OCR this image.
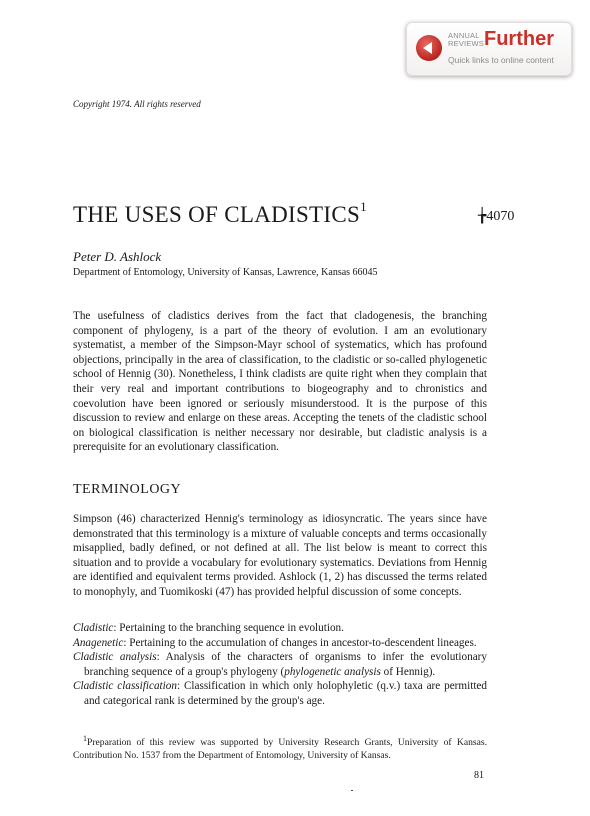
ANNUAL
REVIEWS Further
Quick links to online content
Copyright 1974. All rights reserved
THE USES OF CLADISTICS$^1$
╆4070
Peter D. Ashlock
Department of Entomology, University of Kansas, Lawrence, Kansas 66045

The usefulness of cladistics derives from the fact that cladogenesis, the branching component of phylogeny, is a part of the theory of evolution. I am an evolutionary systematist, a member of the Simpson-Mayr school of systematics, which has profound objections, principally in the area of classification, to the cladistic or so-called phylogenetic school of Hennig (30). Nonetheless, I think cladists are quite right when they complain that their very real and important contributions to biogeography and to chronistics and coevolution have been ignored or seriously misunderstood. It is the purpose of this discussion to review and enlarge on these areas. Accepting the tenets of the cladistic school on biological classification is neither necessary nor desirable, but cladistic analysis is a prerequisite for an evolutionary classification.

TERMINOLOGY

Simpson (46) characterized Hennig's terminology as idiosyncratic. The years since have demonstrated that this terminology is a mixture of valuable concepts and terms occasionally misapplied, badly defined, or not defined at all. The list below is meant to correct this situation and to provide a vocabulary for evolutionary systematics. Deviations from Hennig are identified and equivalent terms provided. Ashlock (1, 2) has discussed the terms related to monophyly, and Tuomikoski (47) has provided helpful discussion of some concepts.

Cladistic: Pertaining to the branching sequence in evolution.
Anagenetic: Pertaining to the accumulation of changes in ancestor-to-descendent lineages.
Cladistic analysis: Analysis of the characters of organisms to infer the evolutionary branching sequence of a group's phylogeny (phylogenetic analysis of Hennig).
Cladistic classification: Classification in which only holophyletic (q.v.) taxa are permitted and categorical rank is determined by the group's age.
$^1$Preparation of this review was supported by University Research Grants, University of Kansas. Contribution No. 1537 from the Department of Entomology, University of Kansas.
81
